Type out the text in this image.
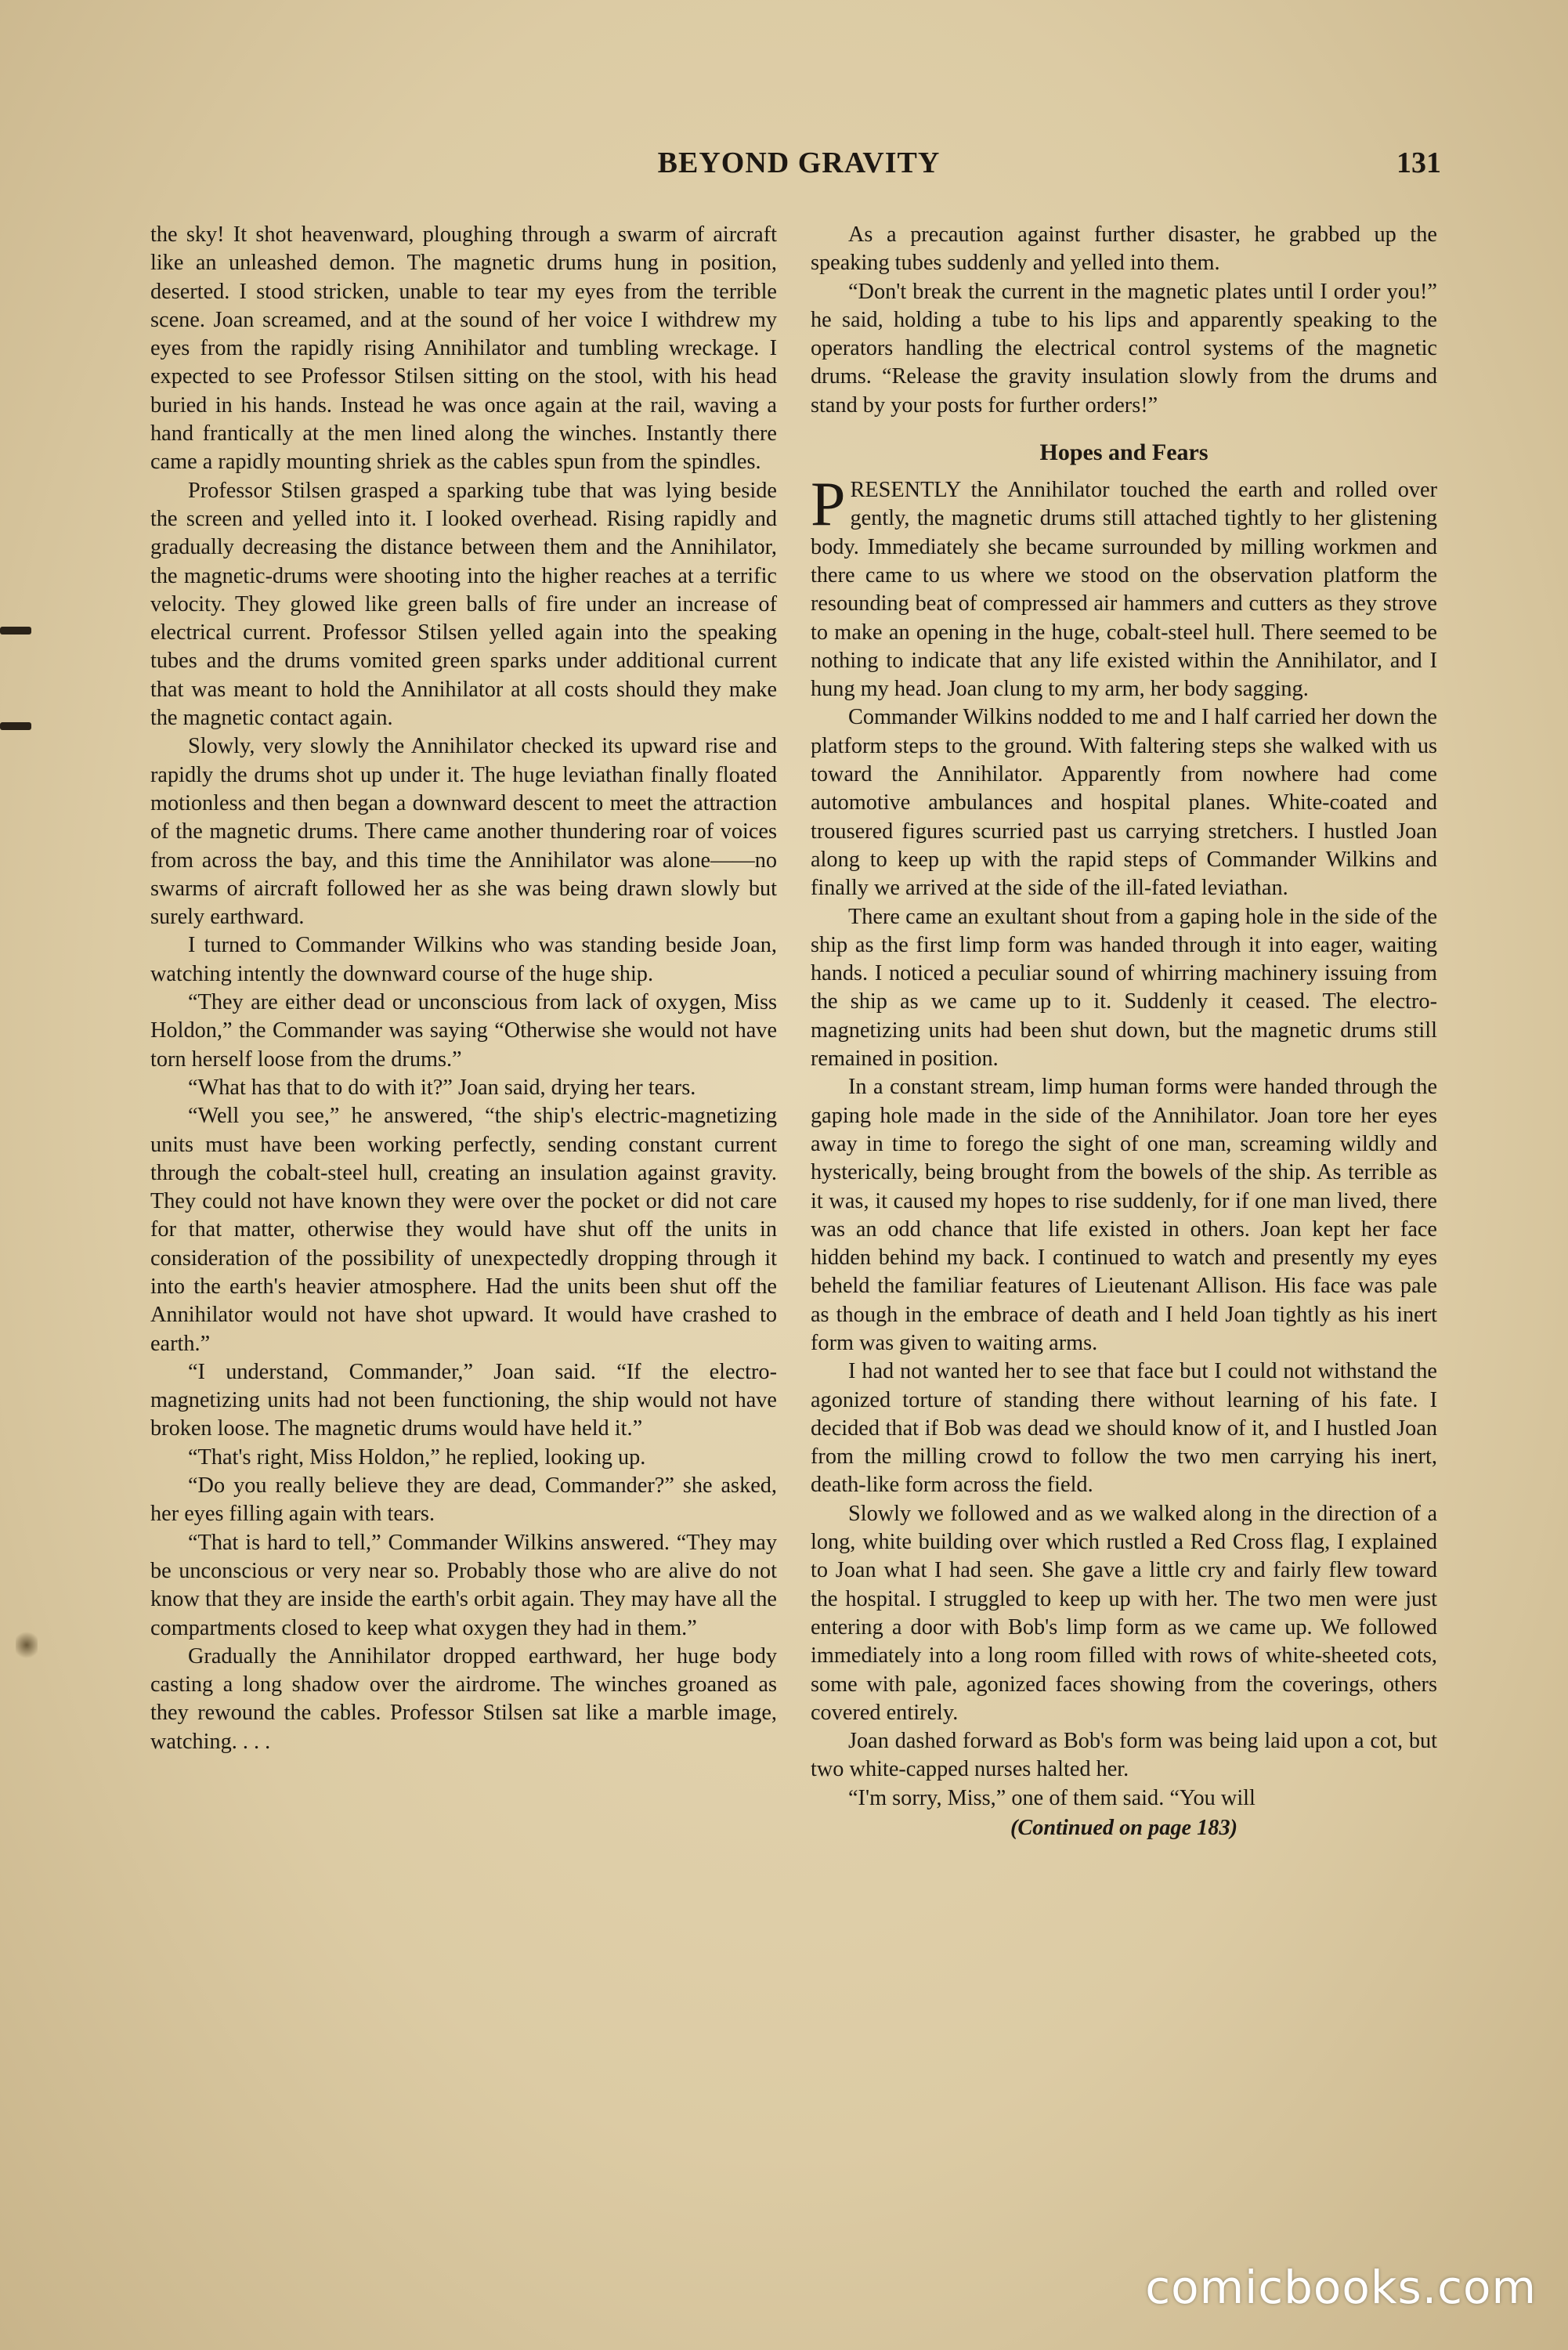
BEYOND GRAVITY	131

the sky! It shot heavenward, ploughing through a swarm of aircraft like an unleashed demon. The magnetic drums hung in position, deserted. I stood stricken, unable to tear my eyes from the terrible scene. Joan screamed, and at the sound of her voice I withdrew my eyes from the rapidly rising Annihilator and tumbling wreckage. I expected to see Professor Stilsen sitting on the stool, with his head buried in his hands. Instead he was once again at the rail, waving a hand frantically at the men lined along the winches. Instantly there came a rapidly mounting shriek as the cables spun from the spindles.

Professor Stilsen grasped a sparking tube that was lying beside the screen and yelled into it. I looked overhead. Rising rapidly and gradually decreasing the distance between them and the Annihilator, the magnetic-drums were shooting into the higher reaches at a terrific velocity. They glowed like green balls of fire under an increase of electrical current. Professor Stilsen yelled again into the speaking tubes and the drums vomited green sparks under additional current that was meant to hold the Annihilator at all costs should they make the magnetic contact again.

Slowly, very slowly the Annihilator checked its upward rise and rapidly the drums shot up under it. The huge leviathan finally floated motionless and then began a downward descent to meet the attraction of the magnetic drums. There came another thundering roar of voices from across the bay, and this time the Annihilator was alone——no swarms of aircraft followed her as she was being drawn slowly but surely earthward.

I turned to Commander Wilkins who was standing beside Joan, watching intently the downward course of the huge ship.

“They are either dead or unconscious from lack of oxygen, Miss Holdon,” the Commander was saying “Otherwise she would not have torn herself loose from the drums.”

“What has that to do with it?” Joan said, drying her tears.

“Well you see,” he answered, “the ship's electric-magnetizing units must have been working perfectly, sending constant current through the cobalt-steel hull, creating an insulation against gravity. They could not have known they were over the pocket or did not care for that matter, otherwise they would have shut off the units in consideration of the possibility of unexpectedly dropping through it into the earth's heavier atmosphere. Had the units been shut off the Annihilator would not have shot upward. It would have crashed to earth.”

“I understand, Commander,” Joan said. “If the electro-magnetizing units had not been functioning, the ship would not have broken loose. The magnetic drums would have held it.”

“That's right, Miss Holdon,” he replied, looking up.

“Do you really believe they are dead, Commander?” she asked, her eyes filling again with tears.

“That is hard to tell,” Commander Wilkins answered. “They may be unconscious or very near so. Probably those who are alive do not know that they are inside the earth's orbit again. They may have all the compartments closed to keep what oxygen they had in them.”

Gradually the Annihilator dropped earthward, her huge body casting a long shadow over the airdrome. The winches groaned as they rewound the cables. Professor Stilsen sat like a marble image, watching. . . .

As a precaution against further disaster, he grabbed up the speaking tubes suddenly and yelled into them.

“Don't break the current in the magnetic plates until I order you!” he said, holding a tube to his lips and apparently speaking to the operators handling the electrical control systems of the magnetic drums. “Release the gravity insulation slowly from the drums and stand by your posts for further orders!”

Hopes and Fears

PRESENTLY the Annihilator touched the earth and rolled over gently, the magnetic drums still attached tightly to her glistening body. Immediately she became surrounded by milling workmen and there came to us where we stood on the observation platform the resounding beat of compressed air hammers and cutters as they strove to make an opening in the huge, cobalt-steel hull. There seemed to be nothing to indicate that any life existed within the Annihilator, and I hung my head. Joan clung to my arm, her body sagging.

Commander Wilkins nodded to me and I half carried her down the platform steps to the ground. With faltering steps she walked with us toward the Annihilator. Apparently from nowhere had come automotive ambulances and hospital planes. White-coated and trousered figures scurried past us carrying stretchers. I hustled Joan along to keep up with the rapid steps of Commander Wilkins and finally we arrived at the side of the ill-fated leviathan.

There came an exultant shout from a gaping hole in the side of the ship as the first limp form was handed through it into eager, waiting hands. I noticed a peculiar sound of whirring machinery issuing from the ship as we came up to it. Suddenly it ceased. The electro-magnetizing units had been shut down, but the magnetic drums still remained in position.

In a constant stream, limp human forms were handed through the gaping hole made in the side of the Annihilator. Joan tore her eyes away in time to forego the sight of one man, screaming wildly and hysterically, being brought from the bowels of the ship. As terrible as it was, it caused my hopes to rise suddenly, for if one man lived, there was an odd chance that life existed in others. Joan kept her face hidden behind my back. I continued to watch and presently my eyes beheld the familiar features of Lieutenant Allison. His face was pale as though in the embrace of death and I held Joan tightly as his inert form was given to waiting arms.

I had not wanted her to see that face but I could not withstand the agonized torture of standing there without learning of his fate. I decided that if Bob was dead we should know of it, and I hustled Joan from the milling crowd to follow the two men carrying his inert, death-like form across the field.

Slowly we followed and as we walked along in the direction of a long, white building over which rustled a Red Cross flag, I explained to Joan what I had seen. She gave a little cry and fairly flew toward the hospital. I struggled to keep up with her. The two men were just entering a door with Bob's limp form as we came up. We followed immediately into a long room filled with rows of white-sheeted cots, some with pale, agonized faces showing from the coverings, others covered entirely.

Joan dashed forward as Bob's form was being laid upon a cot, but two white-capped nurses halted her.

“I'm sorry, Miss,” one of them said. “You will

(Continued on page 183)
comicbooks.com
